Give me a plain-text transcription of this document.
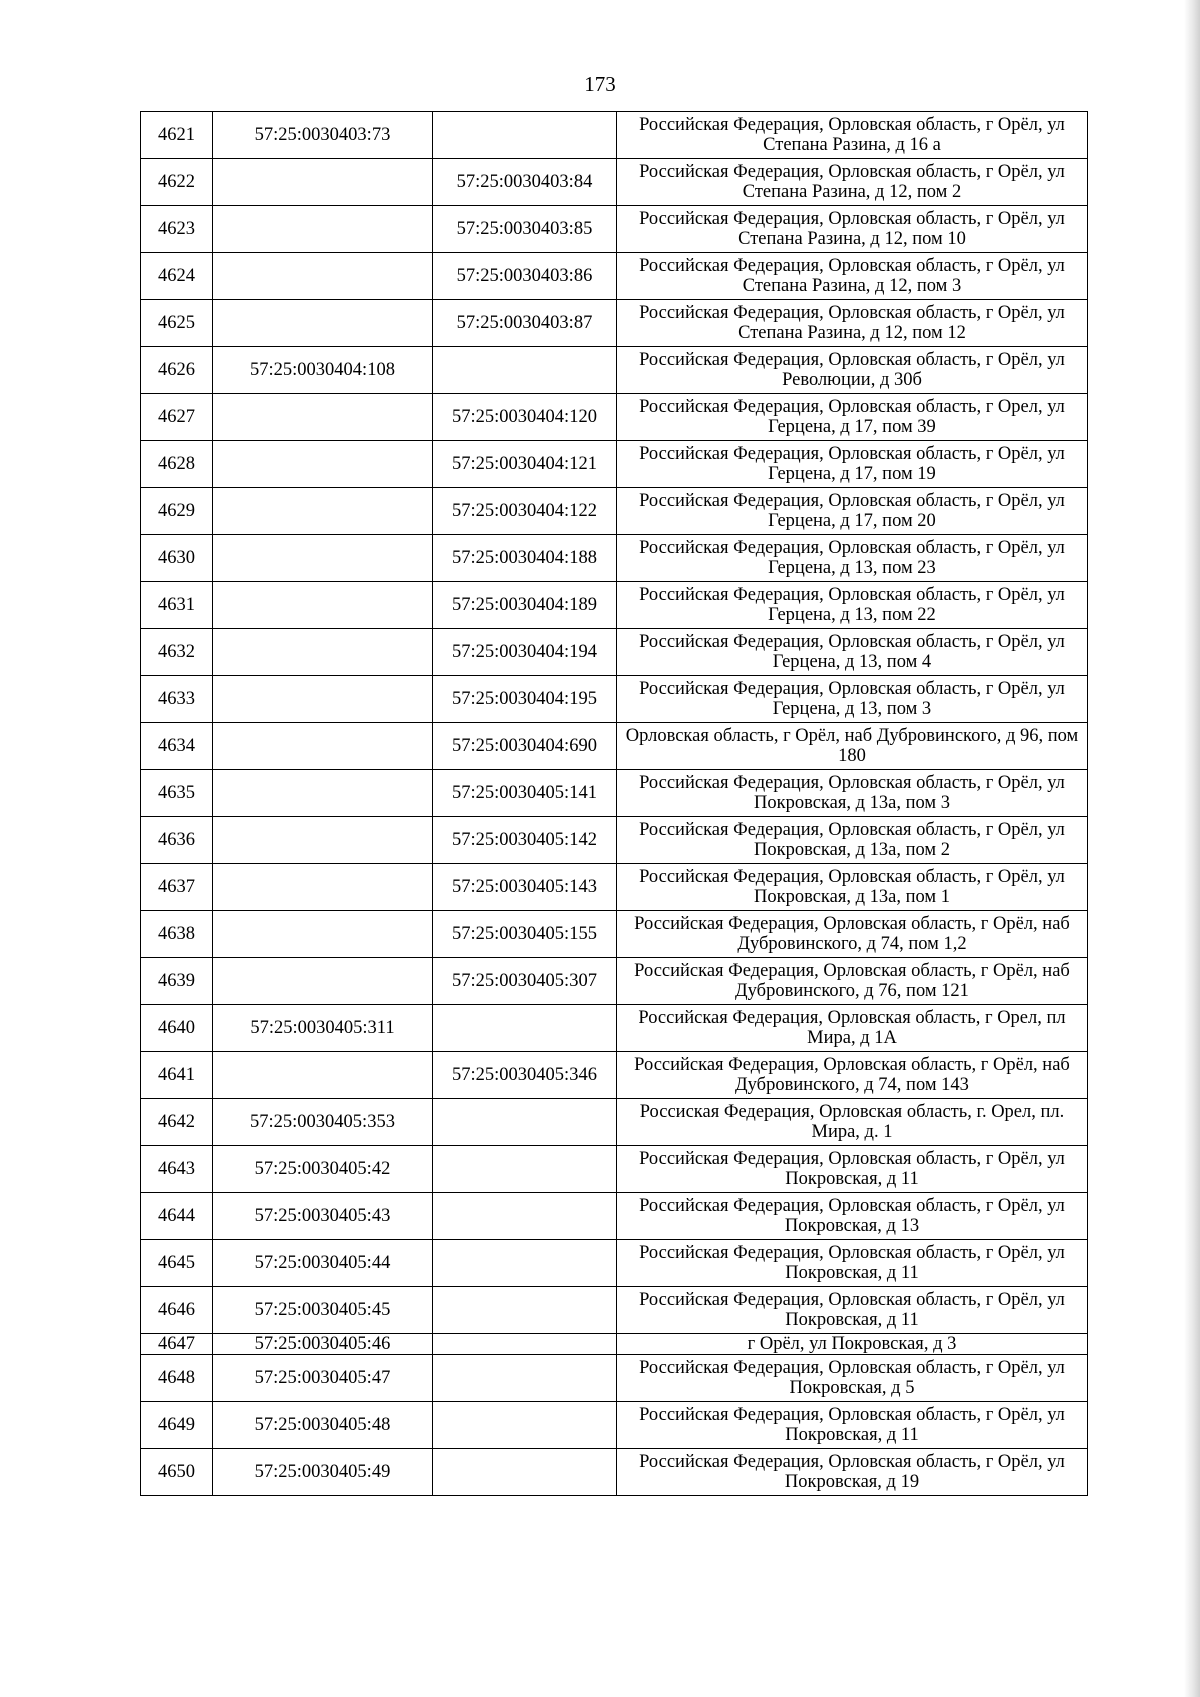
173
4621	57:25:0030403:73		Российская Федерация, Орловская область, г Орёл, ул Степана Разина, д 16 а
4622		57:25:0030403:84	Российская Федерация, Орловская область, г Орёл, ул Степана Разина, д 12, пом 2
4623		57:25:0030403:85	Российская Федерация, Орловская область, г Орёл, ул Степана Разина, д 12, пом 10
4624		57:25:0030403:86	Российская Федерация, Орловская область, г Орёл, ул Степана Разина, д 12, пом 3
4625		57:25:0030403:87	Российская Федерация, Орловская область, г Орёл, ул Степана Разина, д 12, пом 12
4626	57:25:0030404:108		Российская Федерация, Орловская область, г Орёл, ул Революции, д 30б
4627		57:25:0030404:120	Российская Федерация, Орловская область, г Орел, ул Герцена, д 17, пом 39
4628		57:25:0030404:121	Российская Федерация, Орловская область, г Орёл, ул Герцена, д 17, пом 19
4629		57:25:0030404:122	Российская Федерация, Орловская область, г Орёл, ул Герцена, д 17, пом 20
4630		57:25:0030404:188	Российская Федерация, Орловская область, г Орёл, ул Герцена, д 13, пом 23
4631		57:25:0030404:189	Российская Федерация, Орловская область, г Орёл, ул Герцена, д 13, пом 22
4632		57:25:0030404:194	Российская Федерация, Орловская область, г Орёл, ул Герцена, д 13, пом 4
4633		57:25:0030404:195	Российская Федерация, Орловская область, г Орёл, ул Герцена, д 13, пом 3
4634		57:25:0030404:690	Орловская область, г Орёл, наб Дубровинского, д 96, пом 180
4635		57:25:0030405:141	Российская Федерация, Орловская область, г Орёл, ул Покровская, д 13а, пом 3
4636		57:25:0030405:142	Российская Федерация, Орловская область, г Орёл, ул Покровская, д 13а, пом 2
4637		57:25:0030405:143	Российская Федерация, Орловская область, г Орёл, ул Покровская, д 13а, пом 1
4638		57:25:0030405:155	Российская Федерация, Орловская область, г Орёл, наб Дубровинского, д 74, пом 1,2
4639		57:25:0030405:307	Российская Федерация, Орловская область, г Орёл, наб Дубровинского, д 76, пом 121
4640	57:25:0030405:311		Российская Федерация, Орловская область, г Орел, пл Мира, д 1А
4641		57:25:0030405:346	Российская Федерация, Орловская область, г Орёл, наб Дубровинского, д 74, пом 143
4642	57:25:0030405:353		Россиская Федерация, Орловская область, г. Орел, пл. Мира, д. 1
4643	57:25:0030405:42		Российская Федерация, Орловская область, г Орёл, ул Покровская, д 11
4644	57:25:0030405:43		Российская Федерация, Орловская область, г Орёл, ул Покровская, д 13
4645	57:25:0030405:44		Российская Федерация, Орловская область, г Орёл, ул Покровская, д 11
4646	57:25:0030405:45		Российская Федерация, Орловская область, г Орёл, ул Покровская, д 11
4647	57:25:0030405:46		г Орёл, ул Покровская, д 3
4648	57:25:0030405:47		Российская Федерация, Орловская область, г Орёл, ул Покровская, д 5
4649	57:25:0030405:48		Российская Федерация, Орловская область, г Орёл, ул Покровская, д 11
4650	57:25:0030405:49		Российская Федерация, Орловская область, г Орёл, ул Покровская, д 19
